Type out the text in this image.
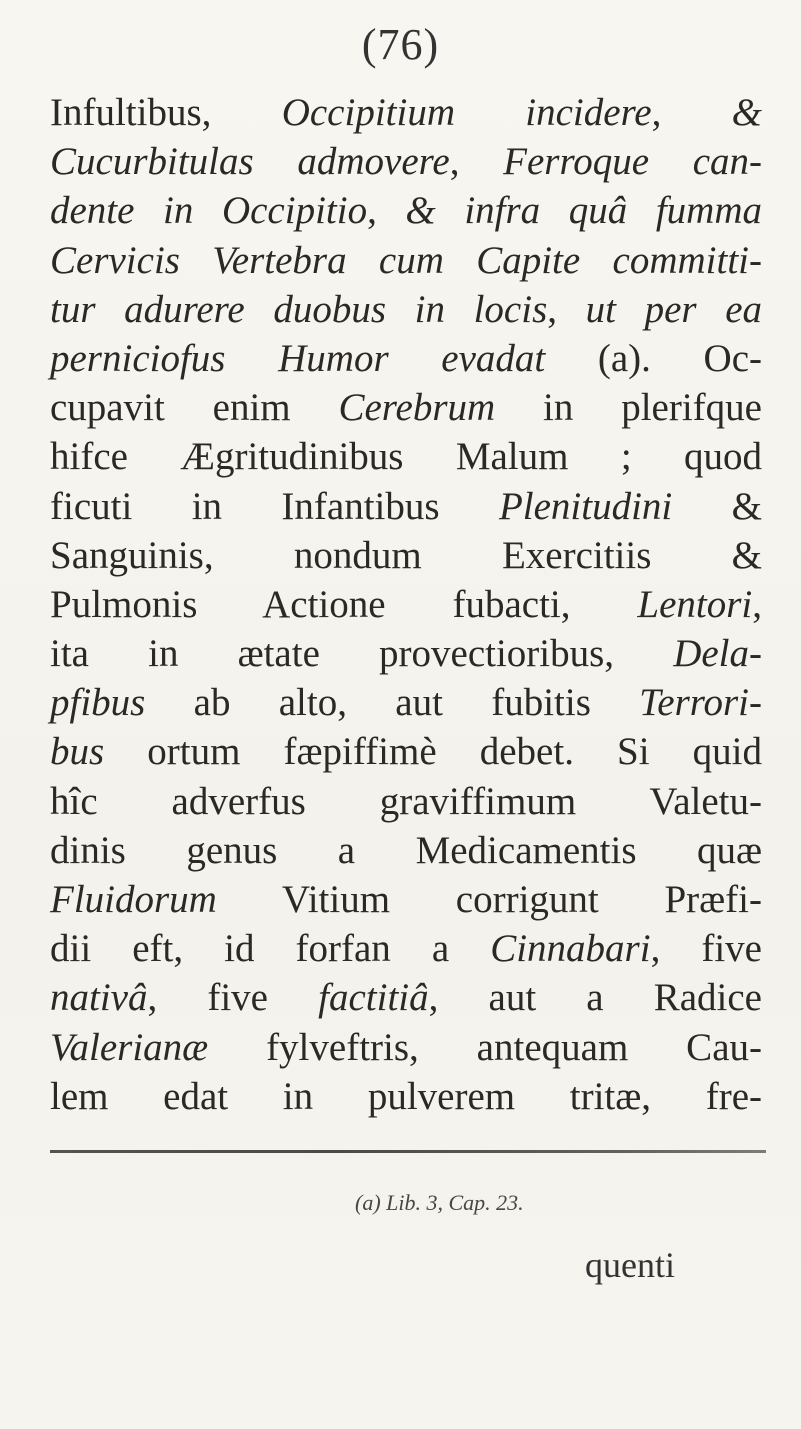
(76)
Infultibus, Occipitium incidere, &
Cucurbitulas admovere, Ferroque can-
dente in Occipitio, & infra quâ fumma
Cervicis Vertebra cum Capite committi-
tur adurere duobus in locis, ut per ea
perniciofus Humor evadat (a). Oc-
cupavit enim Cerebrum in plerifque
hifce Ægritudinibus Malum ; quod
ficuti in Infantibus Plenitudini &
Sanguinis, nondum Exercitiis &
Pulmonis Actione fubacti, Lentori,
ita in ætate provectioribus, Dela-
pfibus ab alto, aut fubitis Terrori-
bus ortum fæpiffimè debet. Si quid
hîc adverfus graviffimum Valetu-
dinis genus a Medicamentis quæ
Fluidorum Vitium corrigunt Præfi-
dii eft, id forfan a Cinnabari, five
nativâ, five factitiâ, aut a Radice
Valerianæ fylveftris, antequam Cau-
lem edat in pulverem tritæ, fre-
(a) Lib. 3, Cap. 23.
quenti
